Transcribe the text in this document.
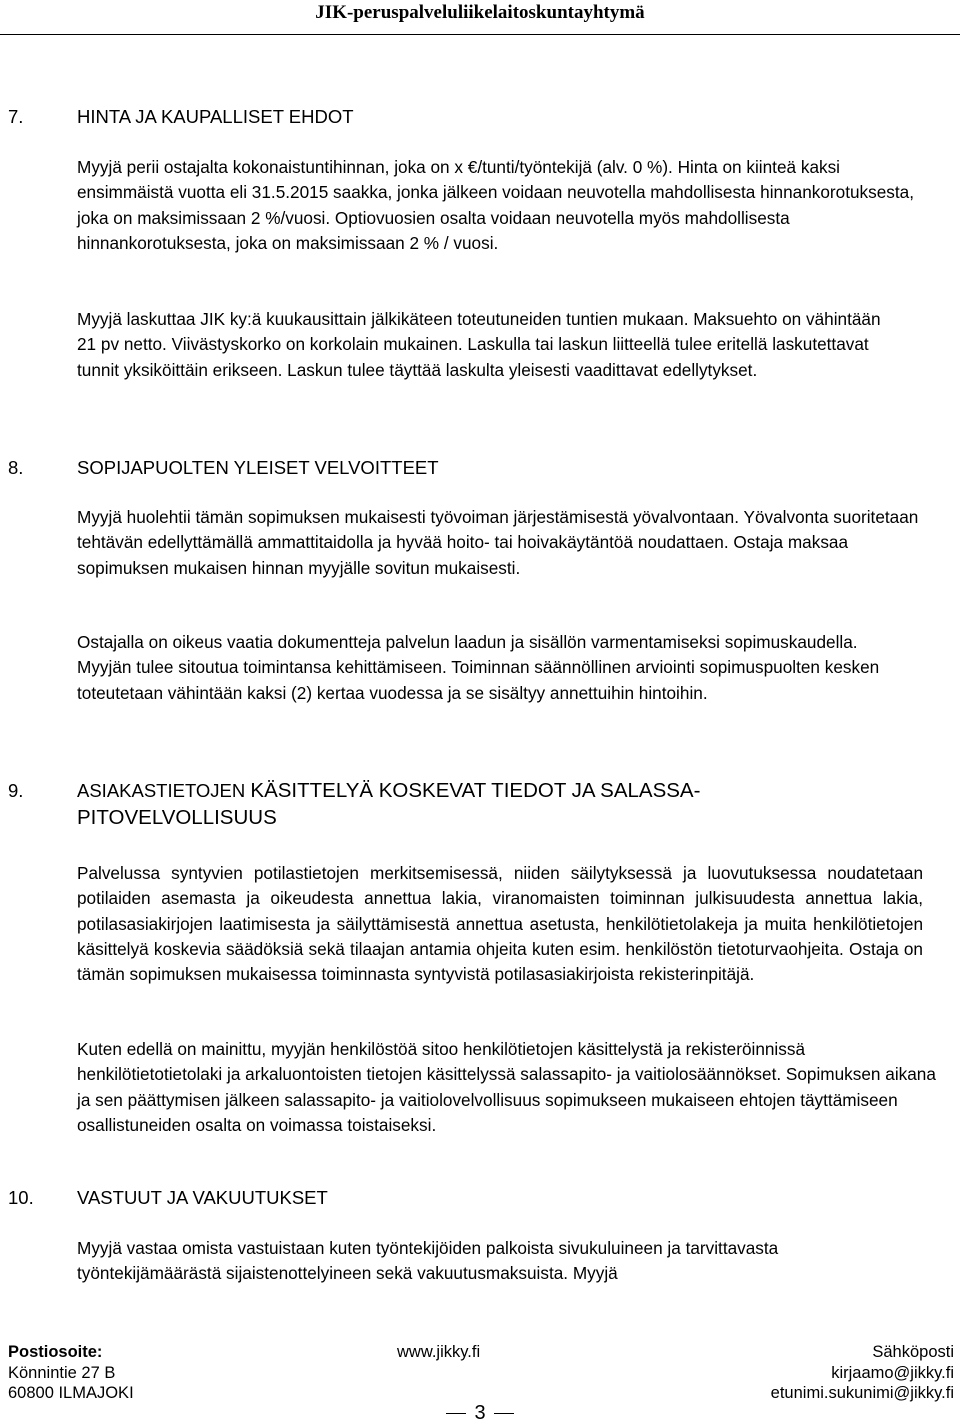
JIK-peruspalveluliikelaitoskuntayhtymä
7.	HINTA JA KAUPALLISET EHDOT

Myyjä perii ostajalta kokonaistuntihinnan, joka on x €/tunti/työntekijä (alv. 0 %). Hinta on kiinteä kaksi ensimmäistä vuotta eli 31.5.2015 saakka, jonka jälkeen voidaan neuvotella mahdollisesta hinnankorotuksesta, joka on maksimissaan 2 %/vuosi. Optiovuosien osalta voidaan neuvotella myös mahdollisesta hinnankorotuksesta, joka on maksimissaan 2 % / vuosi.

Myyjä laskuttaa JIK ky:ä kuukausittain jälkikäteen toteutuneiden tuntien mukaan. Maksuehto on vähintään 21 pv netto. Viivästyskorko on korkolain mukainen. Laskulla tai laskun liitteellä tulee eritellä laskutettavat tunnit yksiköittäin erikseen. Laskun tulee täyttää laskulta yleisesti vaadittavat edellytykset.

8.	SOPIJAPUOLTEN YLEISET VELVOITTEET

Myyjä huolehtii tämän sopimuksen mukaisesti työvoiman järjestämisestä yövalvontaan. Yövalvonta suoritetaan tehtävän edellyttämällä ammattitaidolla ja hyvää hoito- tai hoivakäytäntöä noudattaen. Ostaja maksaa sopimuksen mukaisen hinnan myyjälle sovitun mukaisesti.

Ostajalla on oikeus vaatia dokumentteja palvelun laadun ja sisällön varmentamiseksi sopimuskaudella. Myyjän tulee sitoutua toimintansa kehittämiseen. Toiminnan säännöllinen arviointi sopimuspuolten kesken toteutetaan vähintään kaksi (2) kertaa vuodessa ja se sisältyy annettuihin hintoihin.

9.	ASIAKASTIETOJEN KÄSITTELYÄ KOSKEVAT TIEDOT JA SALASSA-
PITOVELVOLLISUUS

Palvelussa syntyvien potilastietojen merkitsemisessä, niiden säilytyksessä ja luovutuksessa noudatetaan potilaiden asemasta ja oikeudesta annettua lakia, viranomaisten toiminnan julkisuudesta annettua lakia, potilasasiakirjojen laatimisesta ja säilyttämisestä annettua asetusta, henkilötietolakeja ja muita henkilötietojen käsittelyä koskevia säädöksiä sekä tilaajan antamia ohjeita kuten esim. henkilöstön tietoturvaohjeita. Ostaja on tämän sopimuksen mukaisessa toiminnasta syntyvistä potilasasiakirjoista rekisterinpitäjä.

Kuten edellä on mainittu, myyjän henkilöstöä sitoo henkilötietojen käsittelystä ja rekisteröinnissä henkilötietotietolaki ja arkaluontoisten tietojen käsittelyssä salassapito- ja vaitiolosäännökset. Sopimuksen aikana ja sen päättymisen jälkeen salassapito- ja vaitiolovelvollisuus sopimukseen mukaiseen ehtojen täyttämiseen osallistuneiden osalta on voimassa toistaiseksi.

10. VASTUUT JA VAKUUTUKSET

Myyjä vastaa omista vastuistaan kuten työntekijöiden palkoista sivukuluineen ja tarvittavasta työntekijämäärästä sijaistenottelyineen sekä vakuutusmaksuista. Myyjä

Postiosoite:
Könnintie 27 B
60800 ILMAJOKI
www.jikky.fi	Sähköposti
kirjaamo@jikky.fi
etunimi.sukunimi@jikky.fi
3
